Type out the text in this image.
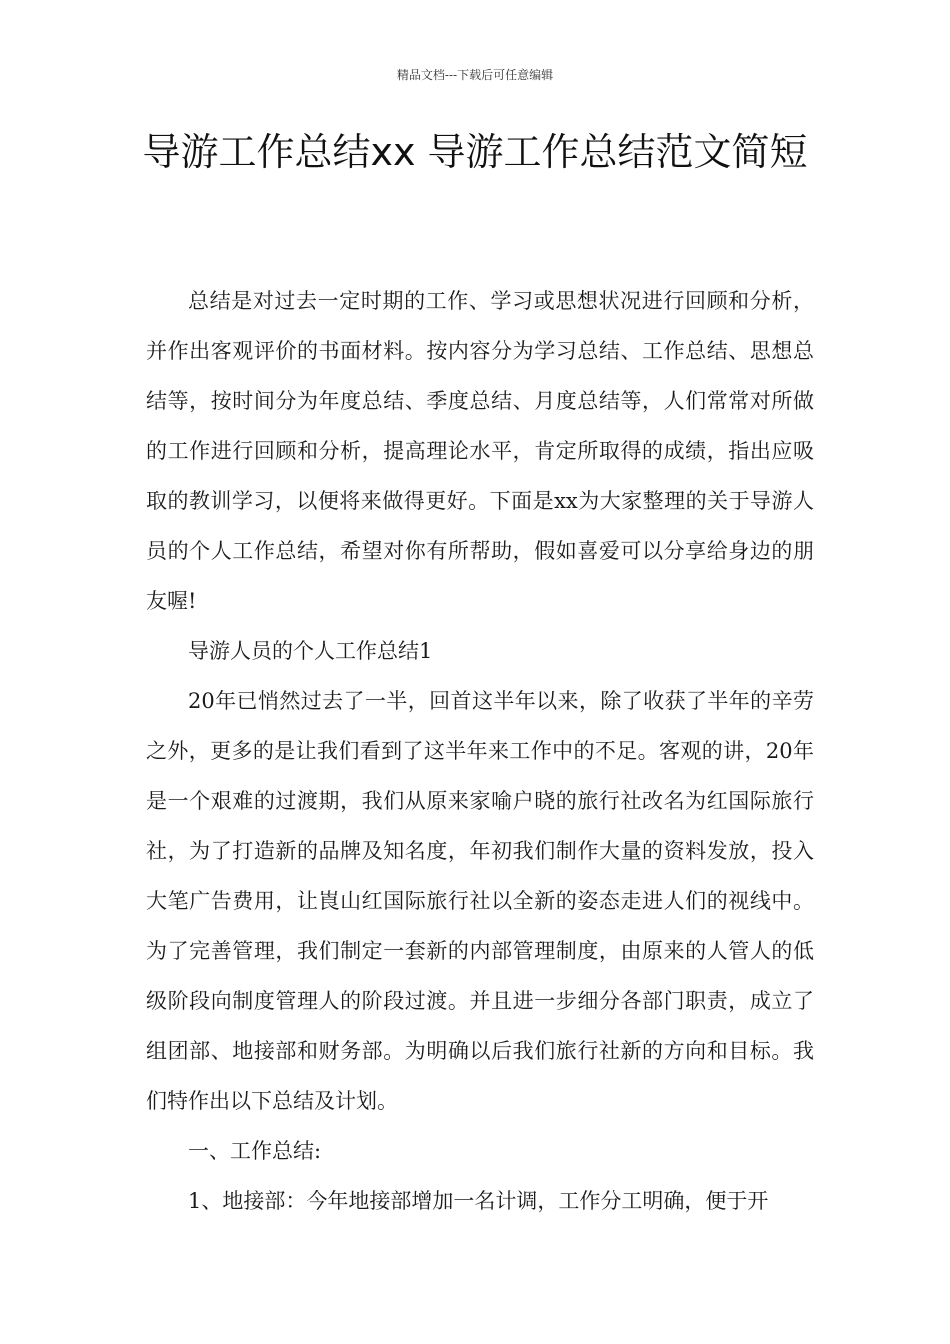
精品文档---下载后可任意编辑
导游工作总结xx 导游工作总结范文简短

总结是对过去一定时期的工作、学习或思想状况进行回顾和分析，并作出客观评价的书面材料。按内容分为学习总结、工作总结、思想总结等，按时间分为年度总结、季度总结、月度总结等，人们常常对所做的工作进行回顾和分析，提高理论水平，肯定所取得的成绩，指出应吸取的教训学习，以便将来做得更好。下面是xx为大家整理的关于导游人员的个人工作总结，希望对你有所帮助，假如喜爱可以分享给身边的朋友喔!

导游人员的个人工作总结1

20年已悄然过去了一半，回首这半年以来，除了收获了半年的辛劳之外，更多的是让我们看到了这半年来工作中的不足。客观的讲，20年是一个艰难的过渡期，我们从原来家喻户晓的旅行社改名为红国际旅行社，为了打造新的品牌及知名度，年初我们制作大量的资料发放，投入大笔广告费用，让崀山红国际旅行社以全新的姿态走进人们的视线中。为了完善管理，我们制定一套新的内部管理制度，由原来的人管人的低级阶段向制度管理人的阶段过渡。并且进一步细分各部门职责，成立了组团部、地接部和财务部。为明确以后我们旅行社新的方向和目标。我们特作出以下总结及计划。

一、工作总结:

1、地接部：今年地接部增加一名计调，工作分工明确，便于开
